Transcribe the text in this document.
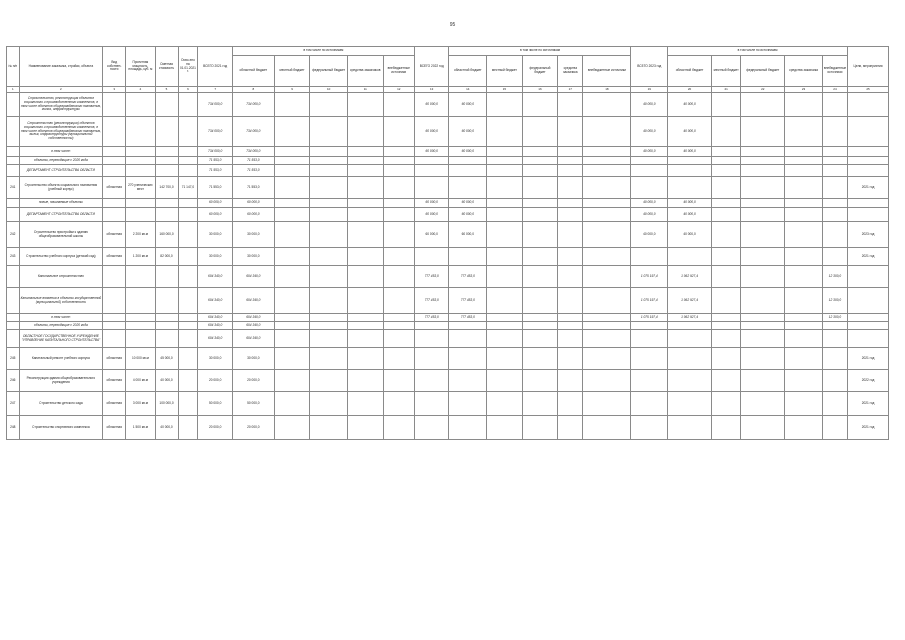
95
№ п/п	Наименование заказчика, стройки, объекта	Вид собствен-ности	Проектная мощность, площадь, куб. м	Сметная стоимость	Осво-ено на 01.01.2021 г.	ВСЕГО 2021 год	в том числе по источникам					ВСЕГО 2022 год	в том числе по источникам					ВСЕГО 2023 год	в том числе по источникам					Цели, мероприятия
							областной бюджет	местный бюджет	федеральный бюджет	средства заказчиков	внебюджетные источники		областной бюджет	местный бюджет	федеральный бюджет	средства заказчика	внебюджетные источники		областной бюджет	местный бюджет	федеральный бюджет	средства заказчика	внебюджетные источники	
1	2	3	4	5	6	7	8	9	10	11	12	13	14	15	16	17	18	19	20	21	22	23	24	25
	Строительство, реконструкция объектов социального и производственного комплексов, в том числе объектов общегражданского назначения, жилья, инфраструктуры					734 000,0	734 000,0					60 000,0	60 000,0					40 000,0	40 000,0					
	Строительство (реконструкция) объектов социального и производственного комплексов, в том числе объектов общегражданского назначения, жилья, инфраструктуры (муниципальной собственности)					734 000,0	734 000,0					60 000,0	60 000,0					40 000,0	40 000,0					
	в том числе:					734 000,0	734 000,0					60 000,0	60 000,0					40 000,0	40 000,0					
	объекты, переходящие с 2020 года					71 553,0	71 553,0																	
	ДЕПАРТАМЕНТ СТРОИТЕЛЬСТВА ОБЛАСТИ					71 553,0	71 553,0																	
241	Строительство объекта социального назначения (учебный корпус)	областная	270 ученических мест	142 700,0	71 147,0	71 553,0	71 553,0																	2021 год
	новые, начинаемые объекты					60 000,0	60 000,0					60 000,0	60 000,0					40 000,0	40 000,0					
	ДЕПАРТАМЕНТ СТРОИТЕЛЬСТВА ОБЛАСТИ					60 000,0	60 000,0					60 000,0	60 000,0					40 000,0	40 000,0					
242	Строительство пристройки к зданию общеобразовательной школы	областная	2 200 кв.м	160 000,0		30 000,0	30 000,0					60 000,0	60 000,0					40 000,0	40 000,0					2023 год
243	Строительство учебного корпуса (детский сад)	областная	1 200 кв.м	82 000,0		30 000,0	30 000,0																	2021 год
	Капитальное строительство					604 340,0	604 340,0					777 453,0	777 453,0					1 075 197,4	1 062 927,4				12 300,0	
	Капитальные вложения в объекты государственной (муниципальной) собственности					604 340,0	604 340,0					777 453,0	777 453,0					1 075 197,4	1 062 927,4				12 300,0	
	в том числе:					604 340,0	604 340,0					777 453,0	777 453,0					1 075 197,4	1 062 927,4				12 300,0	
	объекты, переходящие с 2020 года					604 340,0	604 340,0																	
	ОБЛАСТНОЕ ГОСУДАРСТВЕННОЕ УЧРЕЖДЕНИЕ "УПРАВЛЕНИЕ КАПИТАЛЬНОГО СТРОИТЕЛЬСТВА"					604 340,0	604 340,0																	
245	Капитальный ремонт учебного корпуса	областная	10 000 кв.м	45 000,0		30 000,0	30 000,0																	2021 год
246	Реконструкция здания общеобразовательного учреждения	областная	4 000 кв.м	40 000,0		20 000,0	20 000,0																	2022 год
247	Строительство детского сада	областная	3 000 кв.м	100 000,0		50 000,0	50 000,0																	2021 год
248	Строительство спортивного комплекса	областная	1 500 кв.м	40 000,0		20 000,0	20 000,0																	2021 год
